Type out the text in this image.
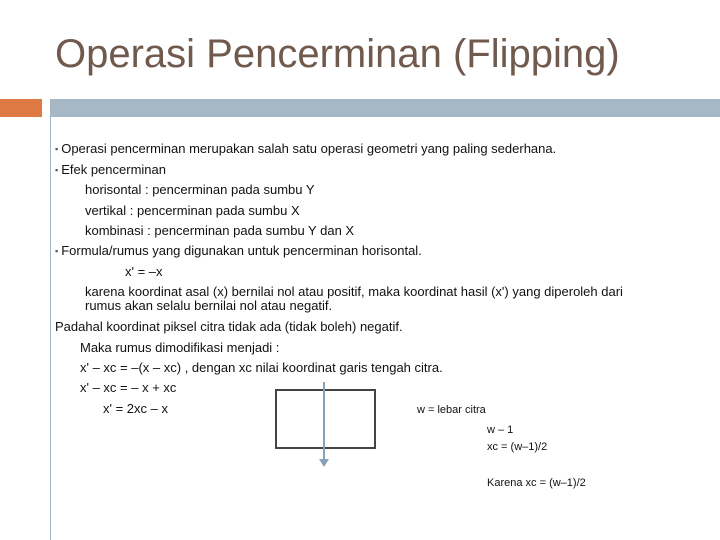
Operasi Pencerminan (Flipping)
▪ Operasi pencerminan merupakan salah satu operasi geometri yang paling sederhana.
▪ Efek pencerminan
horisontal : pencerminan pada sumbu Y
vertikal : pencerminan pada sumbu X
kombinasi : pencerminan pada sumbu Y dan X
▪ Formula/rumus yang digunakan untuk pencerminan horisontal.
x' = –x
karena koordinat asal (x) bernilai nol atau positif, maka koordinat hasil (x') yang diperoleh dari
rumus akan selalu bernilai nol atau negatif.
Padahal koordinat piksel citra tidak ada (tidak boleh) negatif.
Maka rumus dimodifikasi menjadi :
x' – xc = –(x – xc) , dengan xc nilai koordinat garis tengah citra.
x' – xc = – x + xc
x' = 2xc – x	w = lebar citra
w – 1
xc = (w–1)/2
Karena xc = (w–1)/2
